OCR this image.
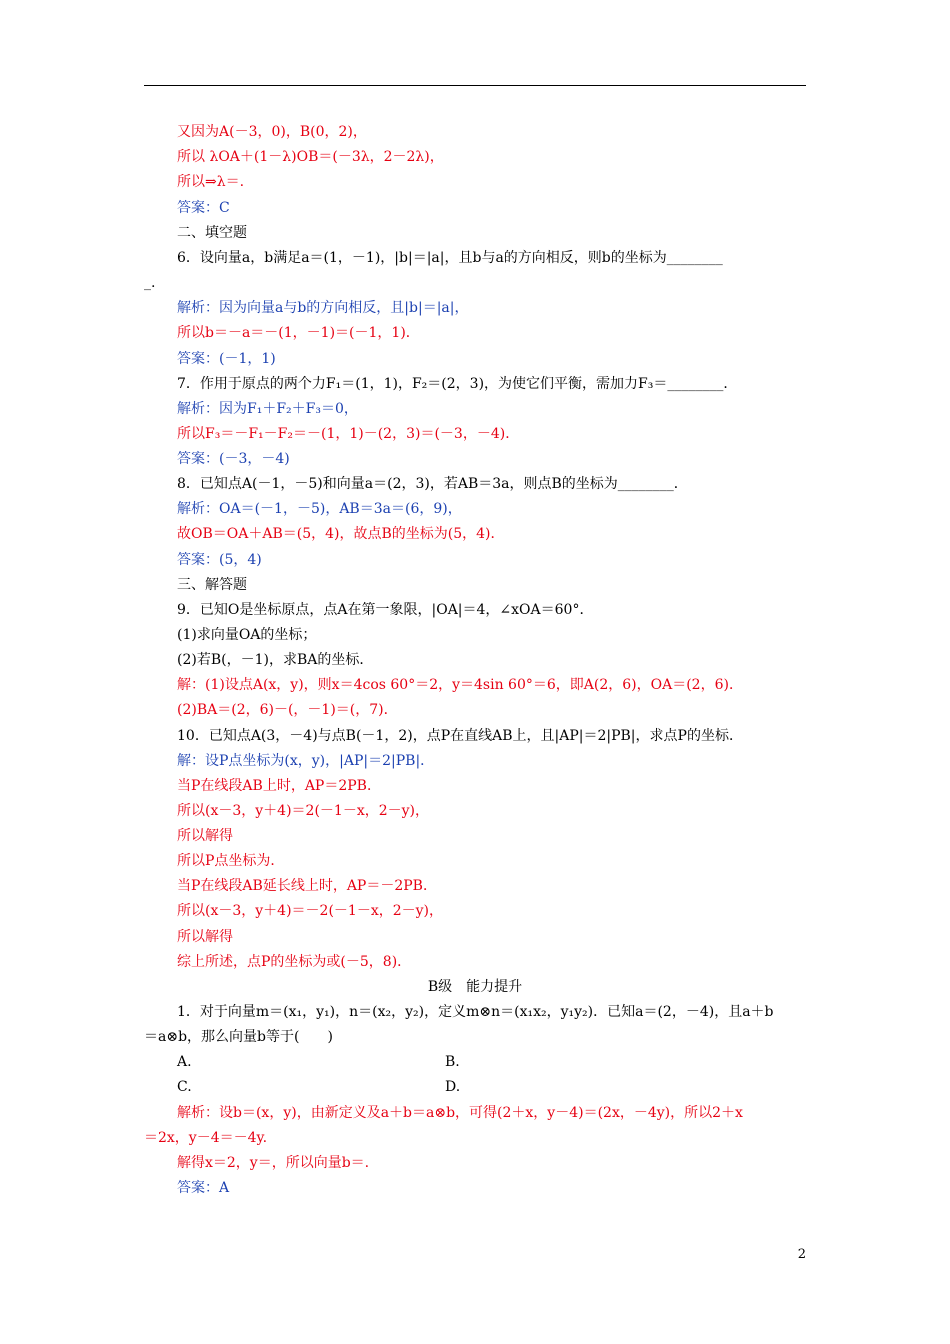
又因为A(－3，0)，B(0，2)，
所以 λOA＋(1－λ)OB＝(－3λ，2－2λ)，
所以⇒λ＝.
答案：C
二、填空题
6．设向量a，b满足a＝(1，－1)，|b|＝|a|，且b与a的方向相反，则b的坐标为________
_.
解析：因为向量a与b的方向相反，且|b|＝|a|，
所以b＝－a＝－(1，－1)＝(－1，1)．
答案：(－1，1)
7．作用于原点的两个力F₁＝(1，1)，F₂＝(2，3)，为使它们平衡，需加力F₃＝________．
解析：因为F₁＋F₂＋F₃＝0，
所以F₃＝－F₁－F₂＝－(1，1)－(2，3)＝(－3，－4)．
答案：(－3，－4)
8．已知点A(－1，－5)和向量a＝(2，3)，若AB＝3a，则点B的坐标为________．
解析：OA＝(－1，－5)，AB＝3a＝(6，9)，
故OB＝OA＋AB＝(5，4)，故点B的坐标为(5，4)．
答案：(5，4)
三、解答题
9．已知O是坐标原点，点A在第一象限，|OA|＝4，∠xOA＝60°．
(1)求向量OA的坐标；
(2)若B(，－1)，求BA的坐标．
解：(1)设点A(x，y)，则x＝4cos 60°＝2，y＝4sin 60°＝6，即A(2，6)，OA＝(2，6)．
(2)BA＝(2，6)－(，－1)＝(，7)．
10．已知点A(3，－4)与点B(－1，2)，点P在直线AB上，且|AP|＝2|PB|，求点P的坐标．
解：设P点坐标为(x，y)，|AP|＝2|PB|．
当P在线段AB上时，AP＝2PB．
所以(x－3，y＋4)＝2(－1－x，2－y)，
所以解得
所以P点坐标为．
当P在线段AB延长线上时，AP＝－2PB．
所以(x－3，y＋4)＝－2(－1－x，2－y)，
所以解得
综上所述，点P的坐标为或(－5，8)．
B级　能力提升
1．对于向量m＝(x₁，y₁)，n＝(x₂，y₂)，定义m⊗n＝(x₁x₂，y₁y₂)．已知a＝(2，－4)，且a＋b
＝a⊗b，那么向量b等于(　　)
A.	B.
C.	D.
解析：设b＝(x，y)，由新定义及a＋b＝a⊗b，可得(2＋x，y－4)＝(2x，－4y)，所以2＋x
＝2x，y－4＝－4y.
解得x＝2，y＝，所以向量b＝.
答案：A
2
